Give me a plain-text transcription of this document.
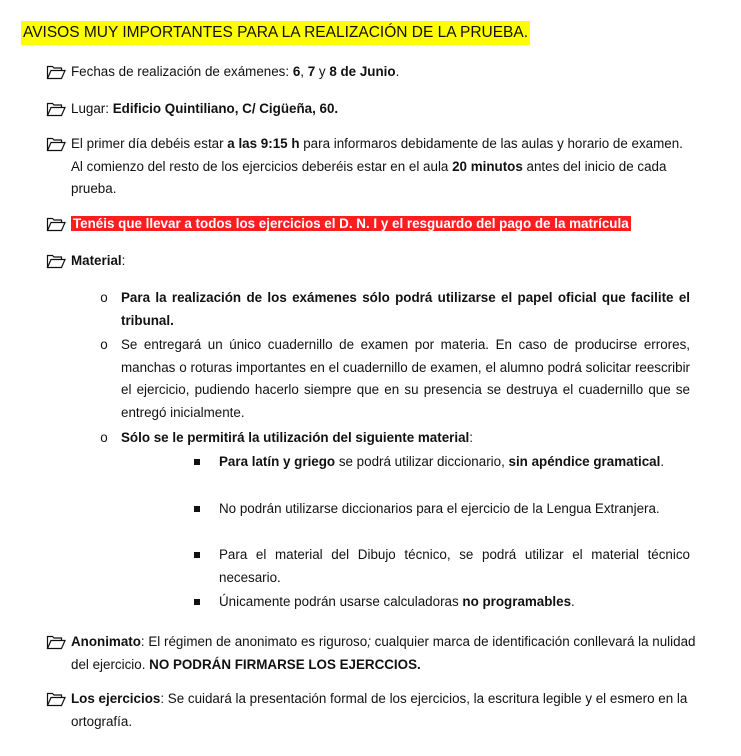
AVISOS MUY IMPORTANTES PARA LA REALIZACIÓN DE LA PRUEBA.
Fechas de realización de exámenes: 6, 7 y 8 de Junio.
Lugar: Edificio Quintiliano, C/ Cigüeña, 60.
El primer día debéis estar a las 9:15 h para informaros debidamente de las aulas y horario de examen. Al comienzo del resto de los ejercicios deberéis estar en el aula 20 minutos antes del inicio de cada prueba.
Tenéis que llevar a todos los ejercicios el D. N. I y el resguardo del pago de la matrícula
Material:
o Para la realización de los exámenes sólo podrá utilizarse el papel oficial que facilite el tribunal.
o Se entregará un único cuadernillo de examen por materia. En caso de producirse errores, manchas o roturas importantes en el cuadernillo de examen, el alumno podrá solicitar reescribir el ejercicio, pudiendo hacerlo siempre que en su presencia se destruya el cuadernillo que se entregó inicialmente.
o Sólo se le permitirá la utilización del siguiente material:
Para latín y griego se podrá utilizar diccionario, sin apéndice gramatical.
No podrán utilizarse diccionarios para el ejercicio de la Lengua Extranjera.
Para el material del Dibujo técnico, se podrá utilizar el material técnico necesario.
Únicamente podrán usarse calculadoras no programables.
Anonimato: El régimen de anonimato es riguroso; cualquier marca de identificación conllevará la nulidad del ejercicio. NO PODRÁN FIRMARSE LOS EJERCCIOS.
Los ejercicios: Se cuidará la presentación formal de los ejercicios, la escritura legible y el esmero en la ortografía.
